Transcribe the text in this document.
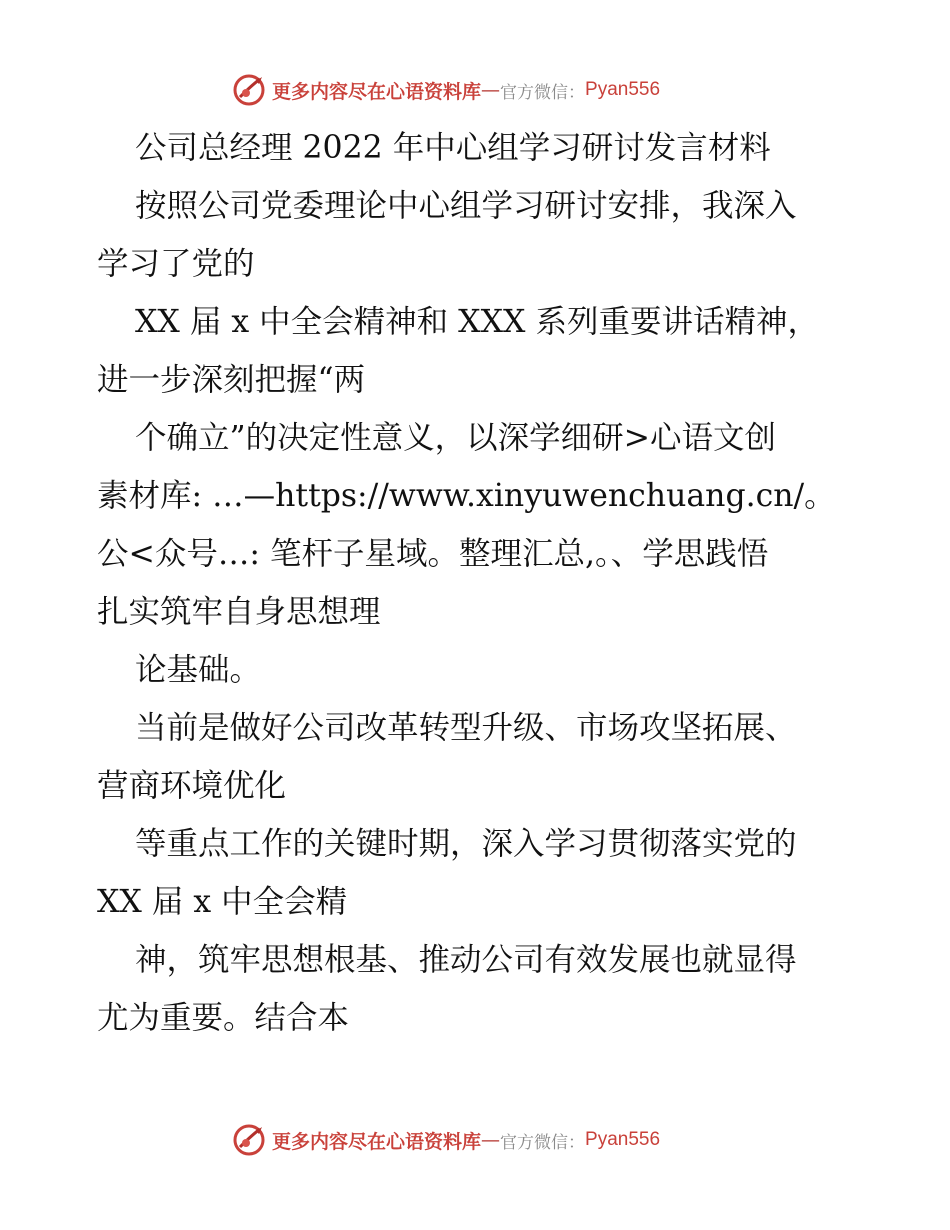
更多内容尽在心语资料库 — 官方微信： Pyan556
公司总经理 2022 年中心组学习研讨发言材料
按照公司党委理论中心组学习研讨安排，我深入
学习了党的
XX 届 x 中全会精神和 XXX 系列重要讲话精神，
进一步深刻把握“两
个确立”的决定性意义，以深学细研>心语文创
素材库: …—https://www.xinyuwenchuang.cn/。
公<众号…: 笔杆子星域。整理汇总,。、学思践悟
扎实筑牢自身思想理
论基础。
当前是做好公司改革转型升级、市场攻坚拓展、
营商环境优化
等重点工作的关键时期，深入学习贯彻落实党的
XX 届 x 中全会精
神，筑牢思想根基、推动公司有效发展也就显得
尤为重要。结合本
更多内容尽在心语资料库 — 官方微信： Pyan556
